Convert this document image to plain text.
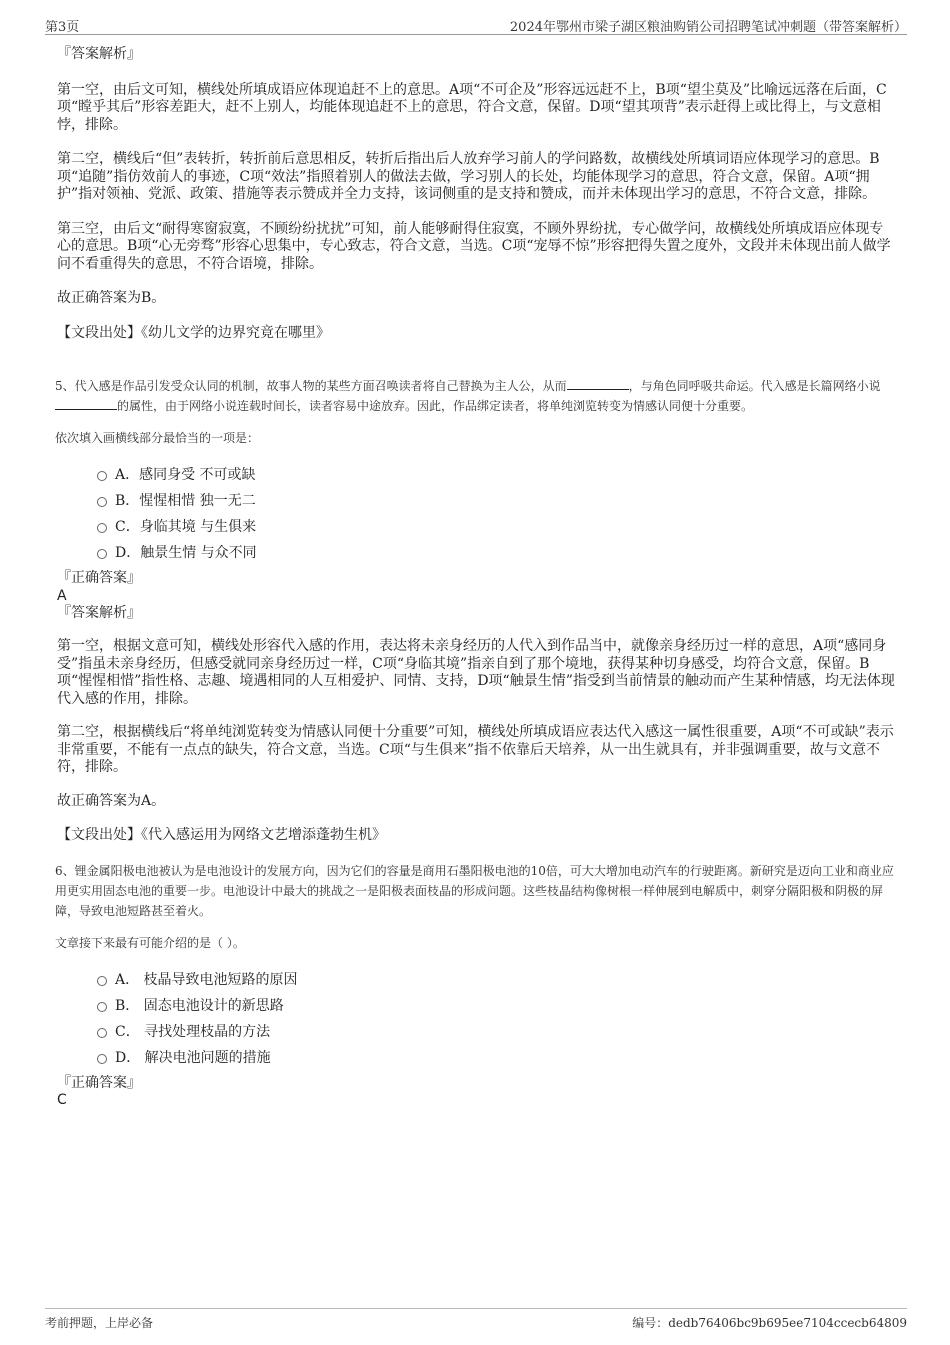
第3页	2024年鄂州市梁子湖区粮油购销公司招聘笔试冲刺题（带答案解析）

『答案解析』

第一空，由后文可知，横线处所填成语应体现追赶不上的意思。A项“不可企及”形容远远赶不上，B项“望尘莫及”比喻远远落在后面，C项“瞠乎其后”形容差距大，赶不上别人，均能体现追赶不上的意思，符合文意，保留。D项“望其项背”表示赶得上或比得上，与文意相悖，排除。

第二空，横线后“但”表转折，转折前后意思相反，转折后指出后人放弃学习前人的学问路数，故横线处所填词语应体现学习的意思。B项“追随”指仿效前人的事迹，C项“效法”指照着别人的做法去做，学习别人的长处，均能体现学习的意思，符合文意，保留。A项“拥护”指对领袖、党派、政策、措施等表示赞成并全力支持，该词侧重的是支持和赞成，而并未体现出学习的意思，不符合文意，排除。

第三空，由后文“耐得寒窗寂寞，不顾纷纷扰扰”可知，前人能够耐得住寂寞，不顾外界纷扰，专心做学问，故横线处所填成语应体现专心的意思。B项“心无旁骛”形容心思集中，专心致志，符合文意，当选。C项“宠辱不惊”形容把得失置之度外，文段并未体现出前人做学问不看重得失的意思，不符合语境，排除。

故正确答案为B。

【文段出处】《幼儿文学的边界究竟在哪里》

5、代入感是作品引发受众认同的机制，故事人物的某些方面召唤读者将自己替换为主人公，从而	，与角色同呼吸共命运。代入感是长篇网络小说的属性，由于网络小说连载时间长，读者容易中途放弃。因此，作品绑定读者，将单纯浏览转变为情感认同便十分重要。

依次填入画横线部分最恰当的一项是：

A．感同身受 不可或缺
B．惺惺相惜 独一无二
C．身临其境 与生俱来
D．触景生情 与众不同

『正确答案』

A

『答案解析』

第一空，根据文意可知，横线处形容代入感的作用，表达将未亲身经历的人代入到作品当中，就像亲身经历过一样的意思，A项“感同身受”指虽未亲身经历，但感受就同亲身经历过一样，C项“身临其境”指亲自到了那个境地，获得某种切身感受，均符合文意，保留。B项“惺惺相惜”指性格、志趣、境遇相同的人互相爱护、同情、支持，D项“触景生情”指受到当前情景的触动而产生某种情感，均无法体现代入感的作用，排除。

第二空，根据横线后“将单纯浏览转变为情感认同便十分重要”可知，横线处所填成语应表达代入感这一属性很重要，A项“不可或缺”表示非常重要，不能有一点点的缺失，符合文意，当选。C项“与生俱来”指不依靠后天培养，从一出生就具有，并非强调重要，故与文意不符，排除。

故正确答案为A。

【文段出处】《代入感运用为网络文艺增添蓬勃生机》

6、锂金属阳极电池被认为是电池设计的发展方向，因为它们的容量是商用石墨阳极电池的10倍，可大大增加电动汽车的行驶距离。新研究是迈向工业和商业应用更实用固态电池的重要一步。电池设计中最大的挑战之一是阳极表面枝晶的形成问题。这些枝晶结构像树根一样伸展到电解质中，刺穿分隔阳极和阴极的屏障，导致电池短路甚至着火。

文章接下来最有可能介绍的是（ ）。

A． 枝晶导致电池短路的原因
B． 固态电池设计的新思路
C． 寻找处理枝晶的方法
D． 解决电池问题的措施

『正确答案』

C

考前押题，上岸必备	编号：dedb76406bc9b695ee7104ccecb64809
